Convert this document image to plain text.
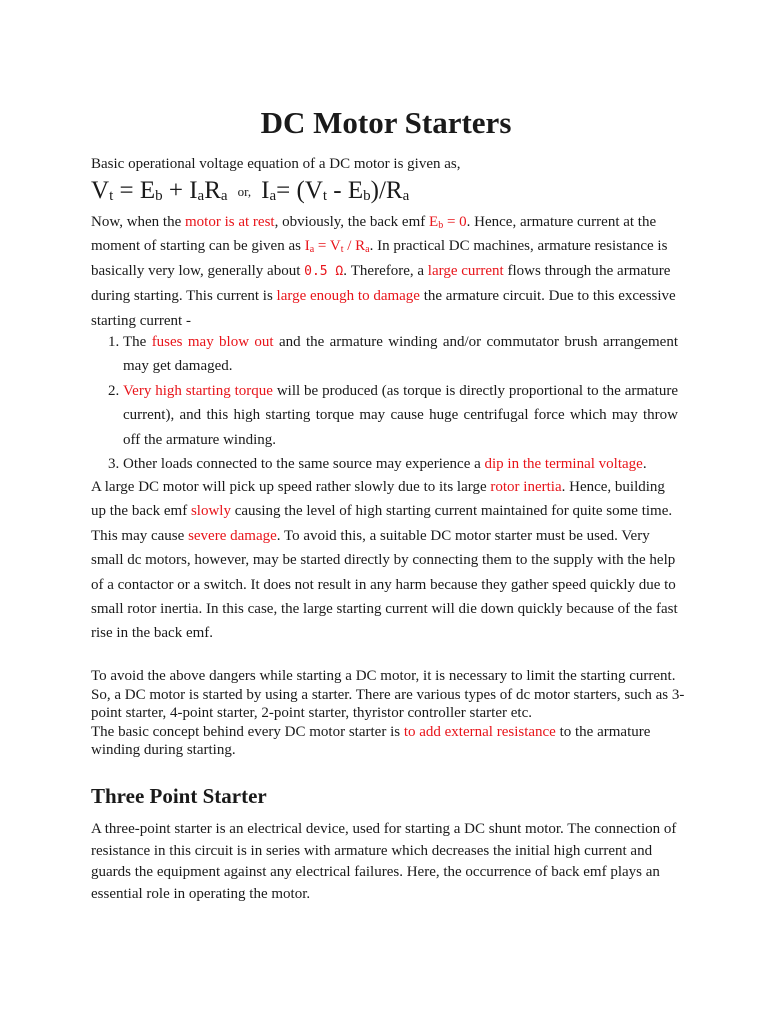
DC Motor Starters

Basic operational voltage equation of a DC motor is given as,

$V_t = E_b + I_aR_a$ or, $I_a= (V_t - E_b)/R_a$

Now, when the motor is at rest, obviously, the back emf $E_b = 0$. Hence, armature current at the moment of starting can be given as $I_a = V_t / R_a$. In practical DC machines, armature resistance is basically very low, generally about 0.5 Ω. Therefore, a large current flows through the armature during starting. This current is large enough to damage the armature circuit. Due to this excessive starting current -

1. The fuses may blow out and the armature winding and/or commutator brush arrangement may get damaged.
2. Very high starting torque will be produced (as torque is directly proportional to the armature current), and this high starting torque may cause huge centrifugal force which may throw off the armature winding.
3. Other loads connected to the same source may experience a dip in the terminal voltage.

A large DC motor will pick up speed rather slowly due to its large rotor inertia. Hence, building up the back emf slowly causing the level of high starting current maintained for quite some time. This may cause severe damage. To avoid this, a suitable DC motor starter must be used. Very small dc motors, however, may be started directly by connecting them to the supply with the help of a contactor or a switch. It does not result in any harm because they gather speed quickly due to small rotor inertia. In this case, the large starting current will die down quickly because of the fast rise in the back emf.

To avoid the above dangers while starting a DC motor, it is necessary to limit the starting current. So, a DC motor is started by using a starter. There are various types of dc motor starters, such as 3-point starter, 4-point starter, 2-point starter, thyristor controller starter etc.
The basic concept behind every DC motor starter is to add external resistance to the armature winding during starting.

Three Point Starter

A three-point starter is an electrical device, used for starting a DC shunt motor. The connection of resistance in this circuit is in series with armature which decreases the initial high current and guards the equipment against any electrical failures. Here, the occurrence of back emf plays an essential role in operating the motor.
